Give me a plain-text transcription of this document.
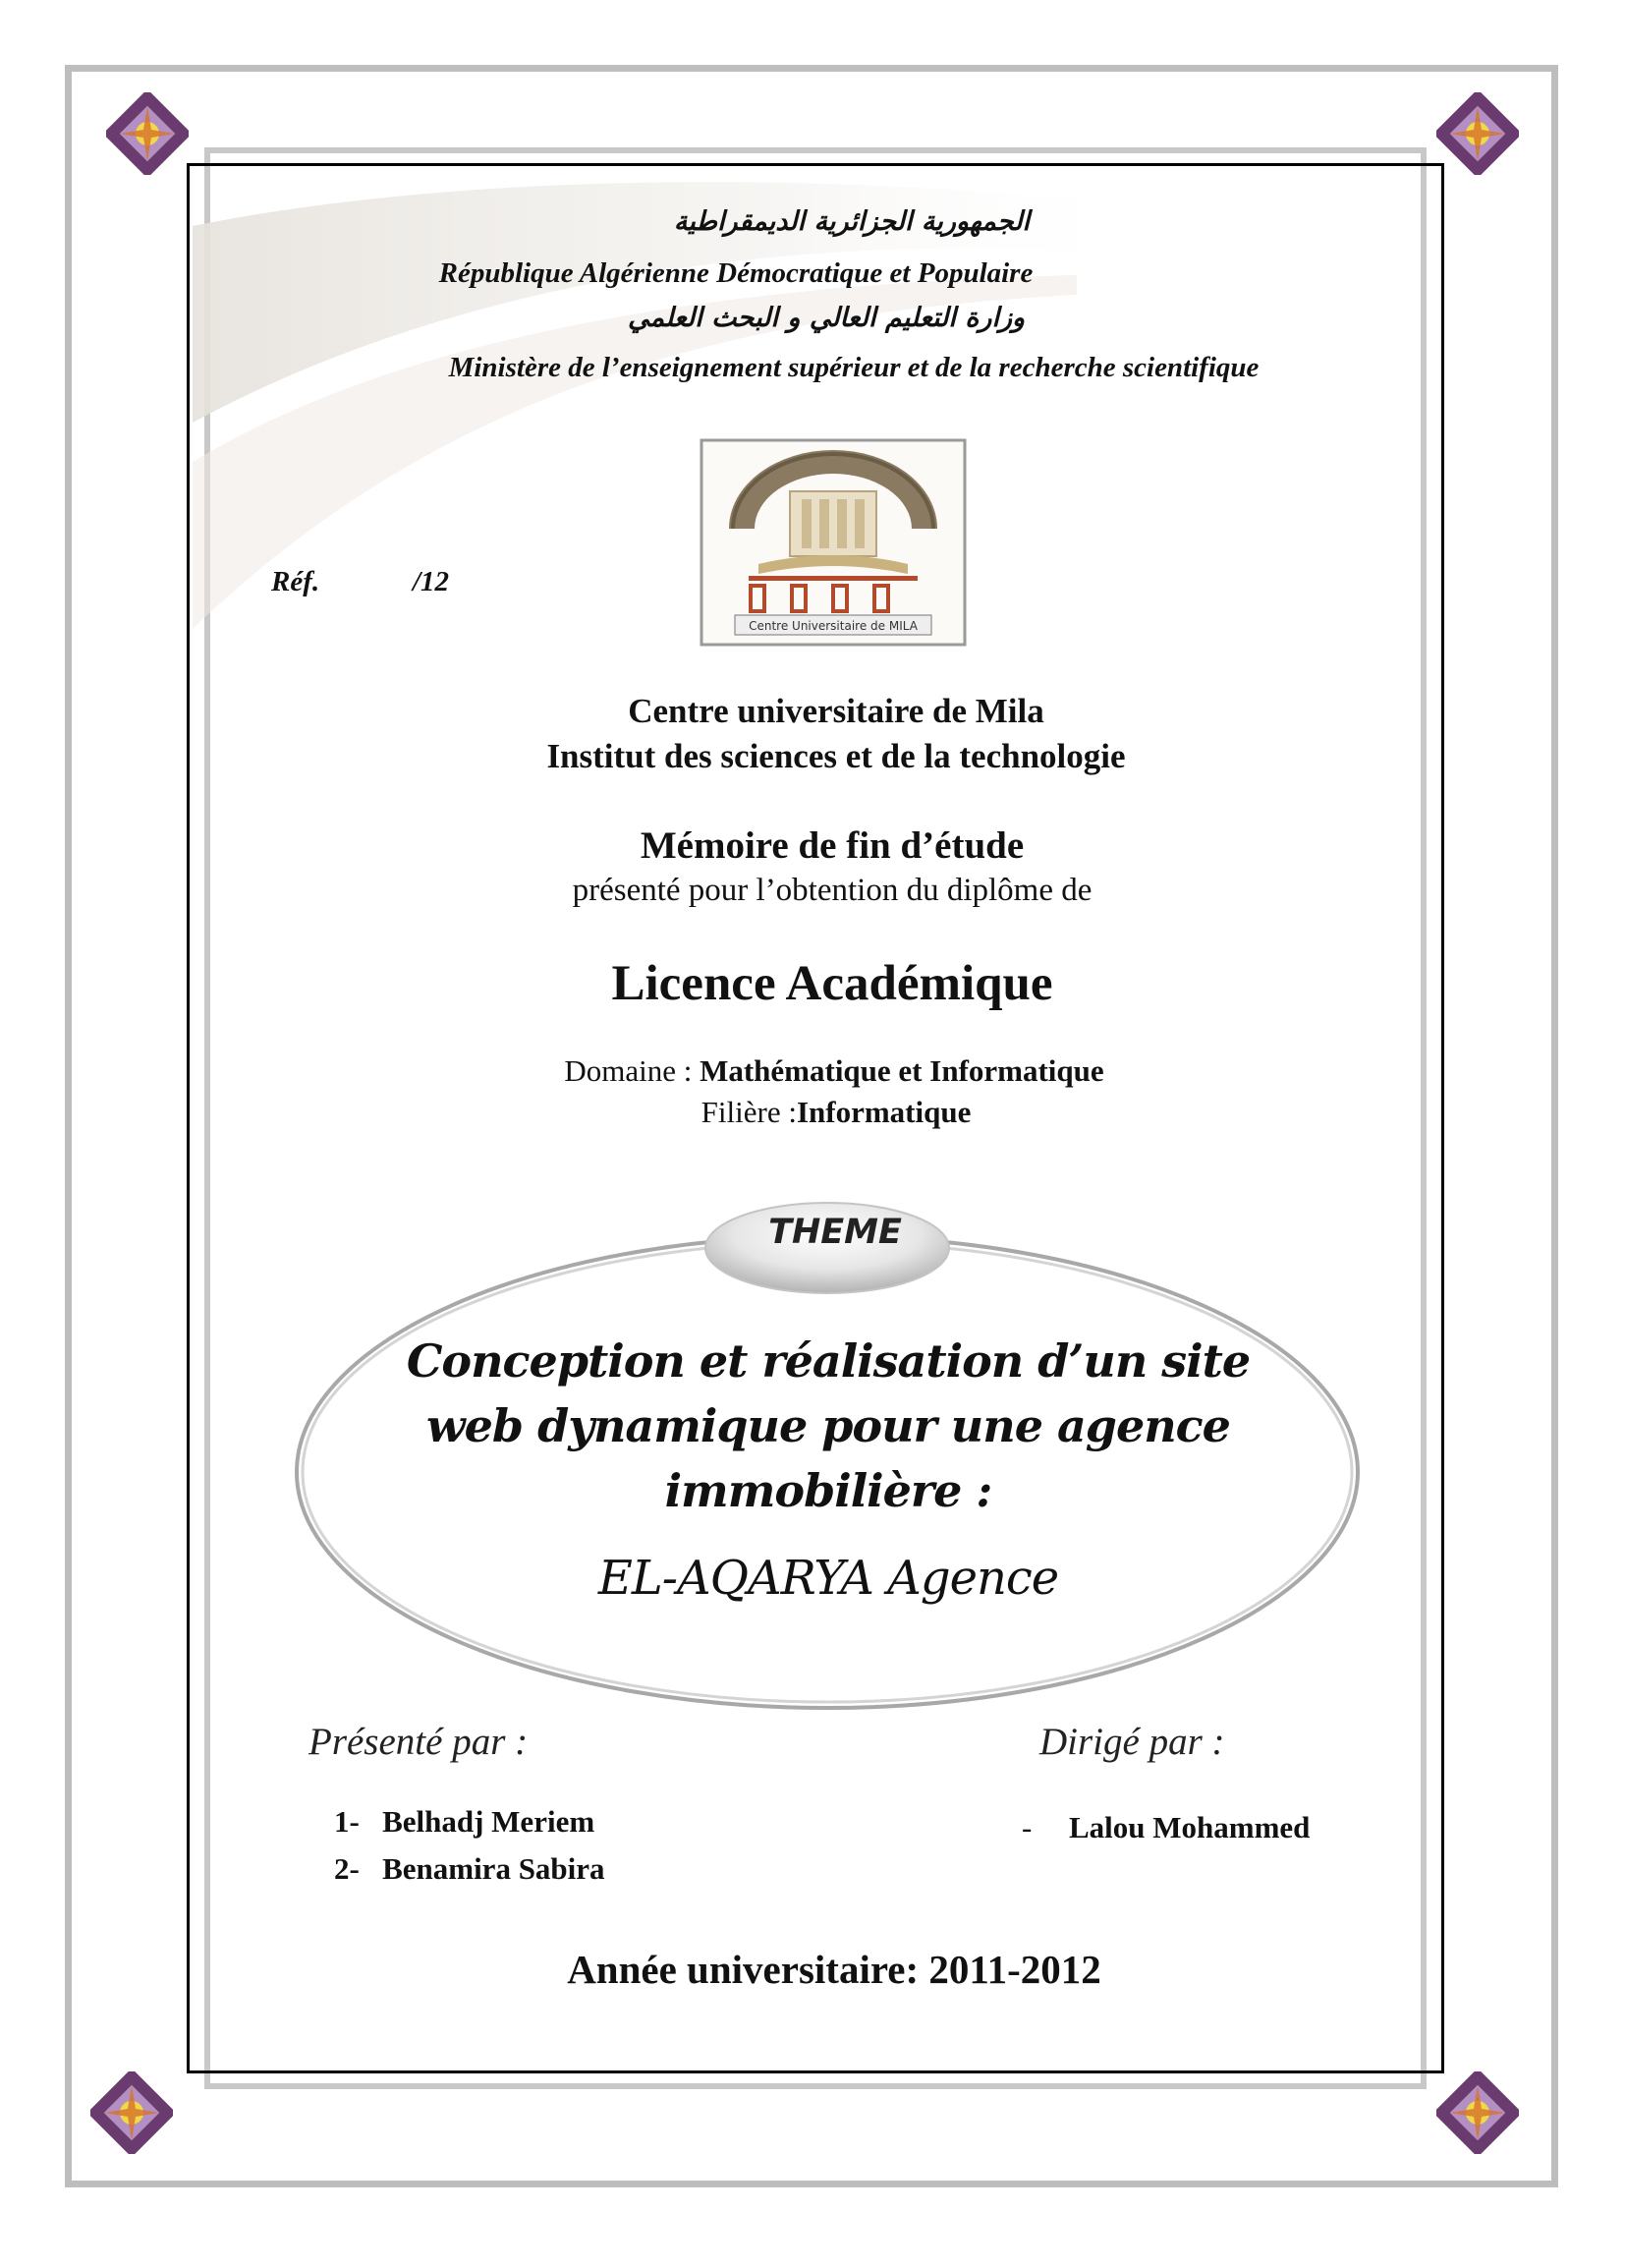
الجمهورية الجزائرية الديمقراطية
République Algérienne Démocratique et Populaire
وزارة التعليم العالي و البحث العلمي
Ministère de l’enseignement supérieur et de la recherche scientifique
Réf.	/12
Centre Universitaire de MILA
Centre universitaire de Mila
Institut des sciences et de la technologie
Mémoire de fin d’étude
présenté pour l’obtention du diplôme de
Licence Académique
Domaine : Mathématique et Informatique
Filière :Informatique
THEME
Conception et réalisation d’un site
web dynamique pour une agence
immobilière :
EL-AQARYA Agence
Présenté par :	Dirigé par :
1-   Belhadj Meriem
2-   Benamira Sabira
- Lalou Mohammed
Année universitaire: 2011-2012
